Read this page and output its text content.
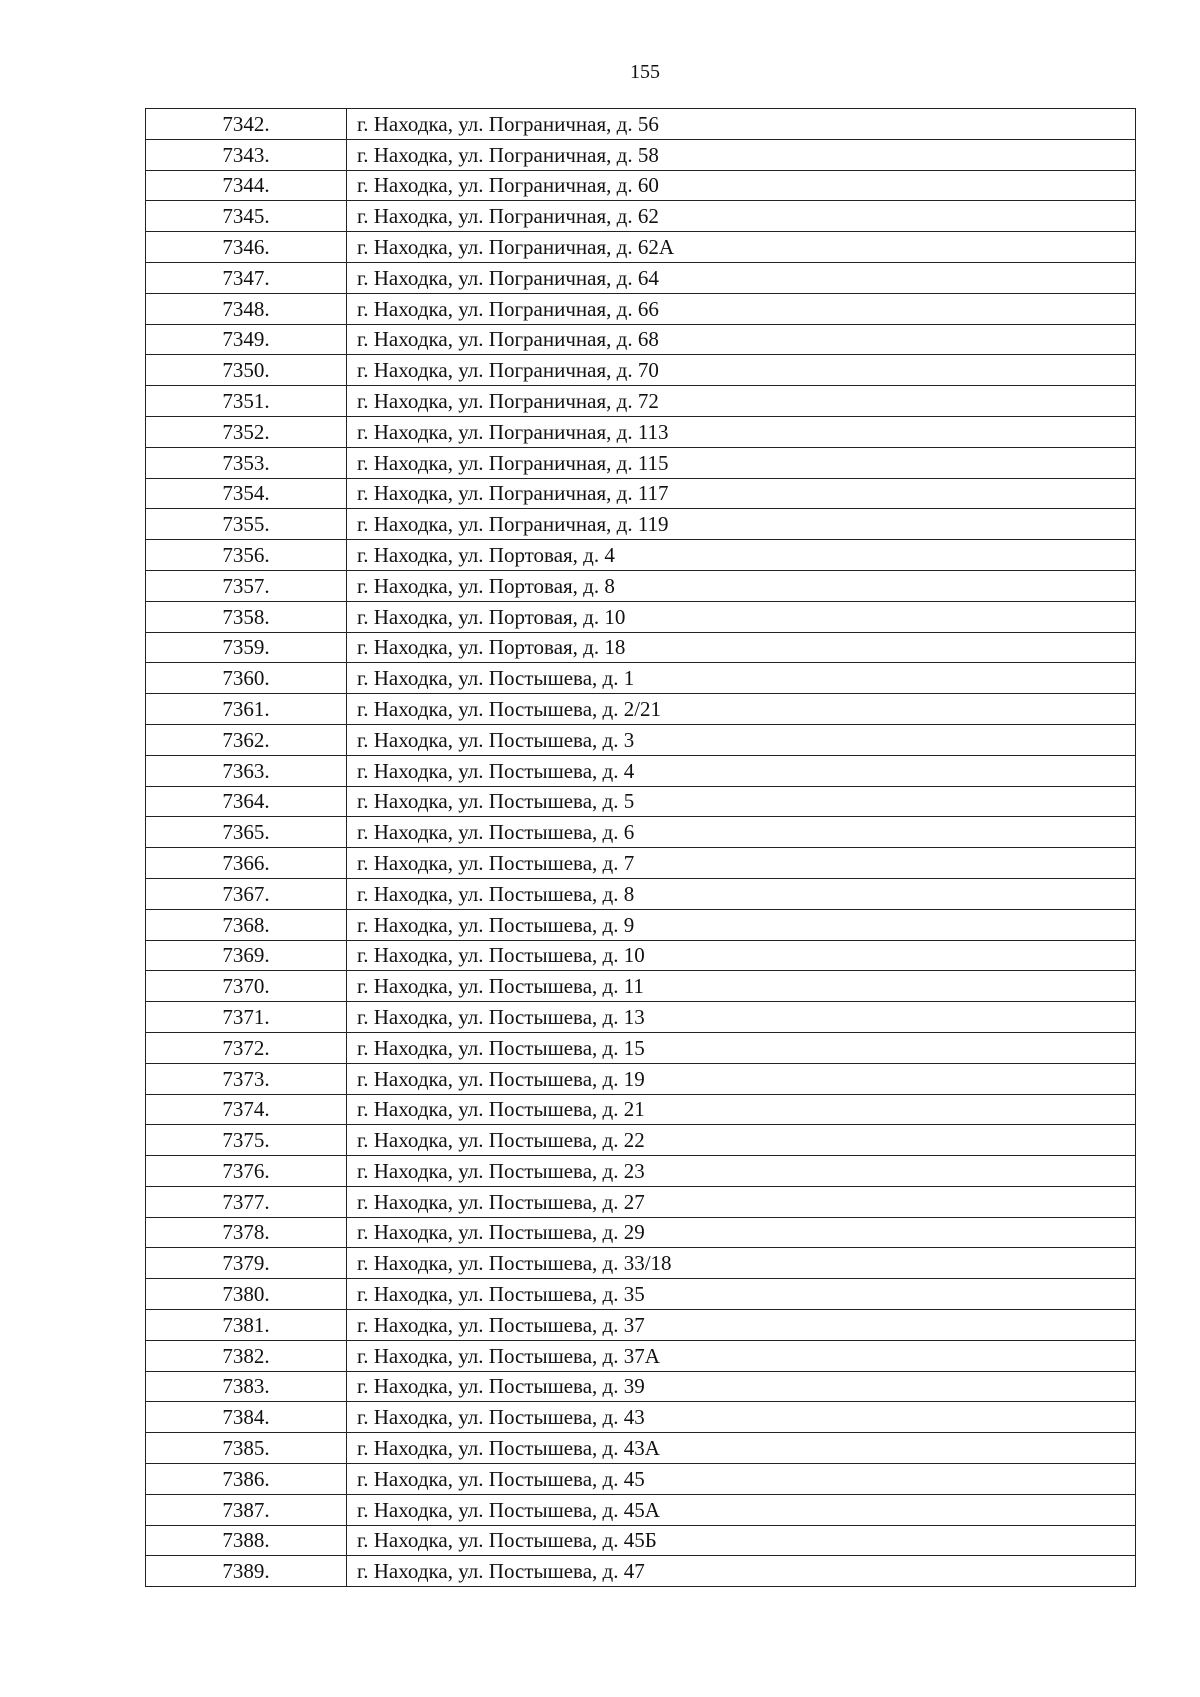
155
7342.	г. Находка, ул. Пограничная, д. 56
7343.	г. Находка, ул. Пограничная, д. 58
7344.	г. Находка, ул. Пограничная, д. 60
7345.	г. Находка, ул. Пограничная, д. 62
7346.	г. Находка, ул. Пограничная, д. 62А
7347.	г. Находка, ул. Пограничная, д. 64
7348.	г. Находка, ул. Пограничная, д. 66
7349.	г. Находка, ул. Пограничная, д. 68
7350.	г. Находка, ул. Пограничная, д. 70
7351.	г. Находка, ул. Пограничная, д. 72
7352.	г. Находка, ул. Пограничная, д. 113
7353.	г. Находка, ул. Пограничная, д. 115
7354.	г. Находка, ул. Пограничная, д. 117
7355.	г. Находка, ул. Пограничная, д. 119
7356.	г. Находка, ул. Портовая, д. 4
7357.	г. Находка, ул. Портовая, д. 8
7358.	г. Находка, ул. Портовая, д. 10
7359.	г. Находка, ул. Портовая, д. 18
7360.	г. Находка, ул. Постышева, д. 1
7361.	г. Находка, ул. Постышева, д. 2/21
7362.	г. Находка, ул. Постышева, д. 3
7363.	г. Находка, ул. Постышева, д. 4
7364.	г. Находка, ул. Постышева, д. 5
7365.	г. Находка, ул. Постышева, д. 6
7366.	г. Находка, ул. Постышева, д. 7
7367.	г. Находка, ул. Постышева, д. 8
7368.	г. Находка, ул. Постышева, д. 9
7369.	г. Находка, ул. Постышева, д. 10
7370.	г. Находка, ул. Постышева, д. 11
7371.	г. Находка, ул. Постышева, д. 13
7372.	г. Находка, ул. Постышева, д. 15
7373.	г. Находка, ул. Постышева, д. 19
7374.	г. Находка, ул. Постышева, д. 21
7375.	г. Находка, ул. Постышева, д. 22
7376.	г. Находка, ул. Постышева, д. 23
7377.	г. Находка, ул. Постышева, д. 27
7378.	г. Находка, ул. Постышева, д. 29
7379.	г. Находка, ул. Постышева, д. 33/18
7380.	г. Находка, ул. Постышева, д. 35
7381.	г. Находка, ул. Постышева, д. 37
7382.	г. Находка, ул. Постышева, д. 37А
7383.	г. Находка, ул. Постышева, д. 39
7384.	г. Находка, ул. Постышева, д. 43
7385.	г. Находка, ул. Постышева, д. 43А
7386.	г. Находка, ул. Постышева, д. 45
7387.	г. Находка, ул. Постышева, д. 45А
7388.	г. Находка, ул. Постышева, д. 45Б
7389.	г. Находка, ул. Постышева, д. 47
